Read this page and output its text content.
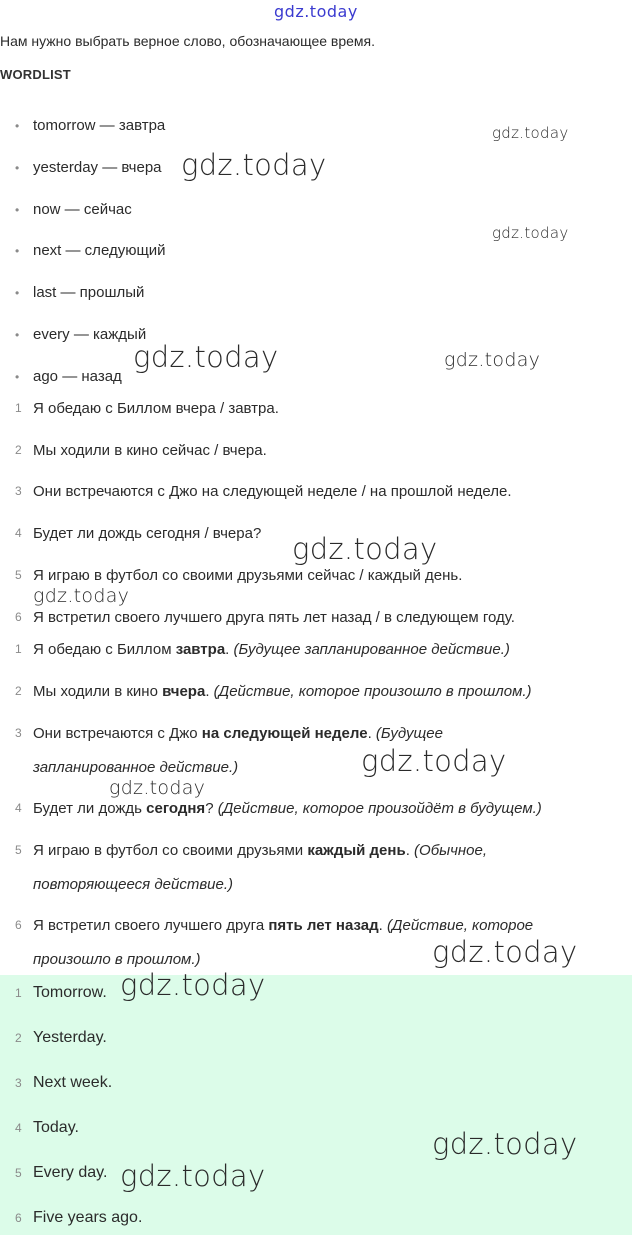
gdz.today
Нам нужно выбрать верное слово, обозначающее время.
WORDLIST
• tomorrow — завтра
• yesterday — вчера
• now — сейчас
• next — следующий
• last — прошлый
• every — каждый
• ago — назад
1 Я обедаю с Биллом вчера / завтра.
2 Мы ходили в кино сейчас / вчера.
3 Они встречаются с Джо на следующей неделе / на прошлой неделе.
4 Будет ли дождь сегодня / вчера?
5 Я играю в футбол со своими друзьями сейчас / каждый день.
6 Я встретил своего лучшего друга пять лет назад / в следующем году.
1 Я обедаю с Биллом завтра. (Будущее запланированное действие.)
2 Мы ходили в кино вчера. (Действие, которое произошло в прошлом.)
3 Они встречаются с Джо на следующей неделе. (Будущее запланированное действие.)
4 Будет ли дождь сегодня? (Действие, которое произойдёт в будущем.)
5 Я играю в футбол со своими друзьями каждый день. (Обычное, повторяющееся действие.)
6 Я встретил своего лучшего друга пять лет назад. (Действие, которое произошло в прошлом.)
1 Tomorrow.
2 Yesterday.
3 Next week.
4 Today.
5 Every day.
6 Five years ago.
gdz.today
gdz.today
gdz.today
gdz.today	gdz.today
gdz.today
gdz.today
gdz.today
gdz.today
gdz.today
gdz.today
gdz.today
gdz.today
